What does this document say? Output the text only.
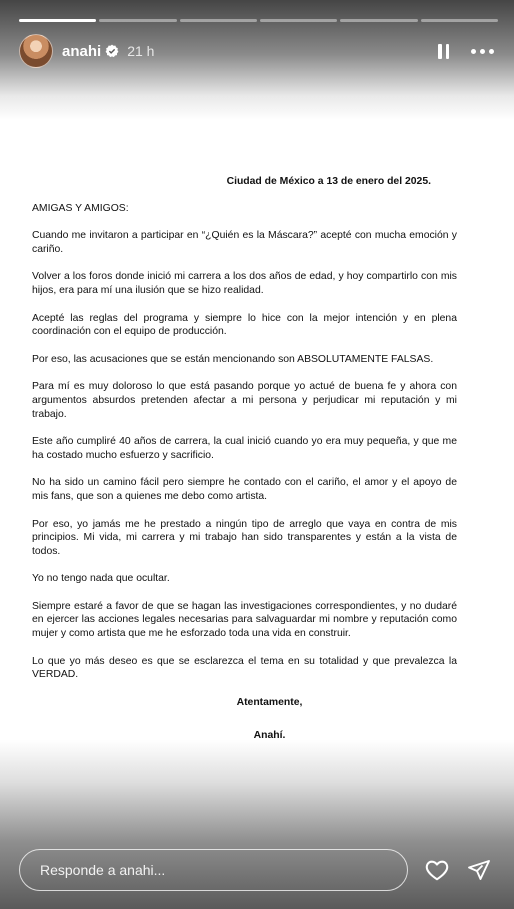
anahi 21 h

Ciudad de México a 13 de enero del 2025.

AMIGAS Y AMIGOS:

Cuando me invitaron a participar en “¿Quién es la Máscara?” acepté con mucha emoción y cariño.

Volver a los foros donde inició mi carrera a los dos años de edad, y hoy compartirlo con mis hijos, era para mí una ilusión que se hizo realidad.

Acepté las reglas del programa y siempre lo hice con la mejor intención y en plena coordinación con el equipo de producción.

Por eso, las acusaciones que se están mencionando son ABSOLUTAMENTE FALSAS.

Para mí es muy doloroso lo que está pasando porque yo actué de buena fe y ahora con argumentos absurdos pretenden afectar a mi persona y perjudicar mi reputación y mi trabajo.

Este año cumpliré 40 años de carrera, la cual inició cuando yo era muy pequeña, y que me ha costado mucho esfuerzo y sacrificio.

No ha sido un camino fácil pero siempre he contado con el cariño, el amor y el apoyo de mis fans, que son a quienes me debo como artista.

Por eso, yo jamás me he prestado a ningún tipo de arreglo que vaya en contra de mis principios. Mi vida, mi carrera y mi trabajo han sido transparentes y están a la vista de todos.

Yo no tengo nada que ocultar.

Siempre estaré a favor de que se hagan las investigaciones correspondientes, y no dudaré en ejercer las acciones legales necesarias para salvaguardar mi nombre y reputación como mujer y como artista que me he esforzado toda una vida en construir.

Lo que yo más deseo es que se esclarezca el tema en su totalidad y que prevalezca la VERDAD.

Atentamente,

Anahí.

Responde a anahi...
